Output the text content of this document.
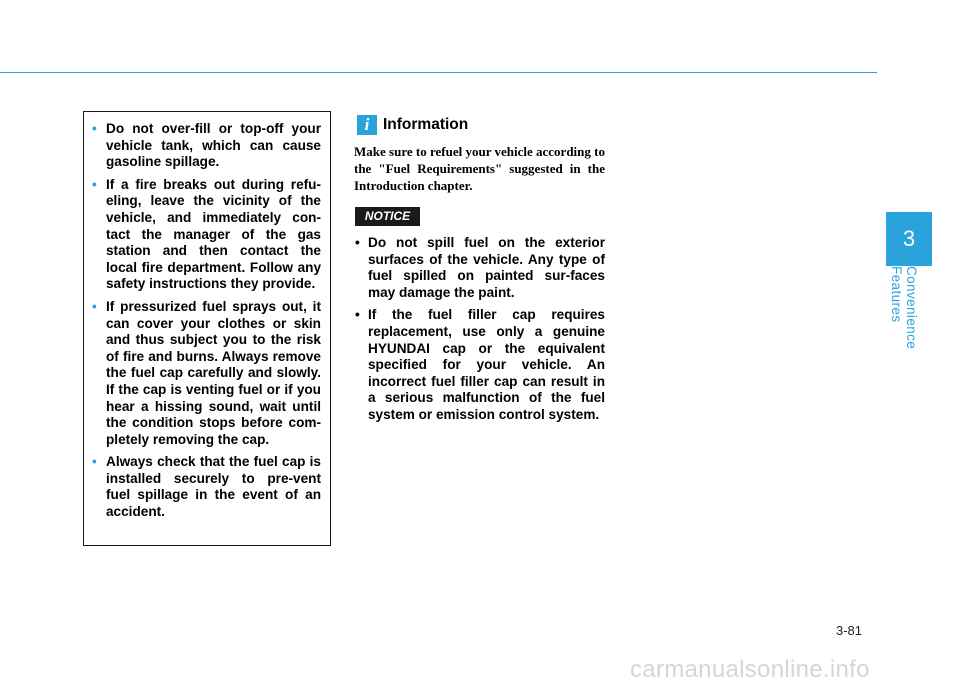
• Do not over-fill or top-off your vehicle tank, which can cause gasoline spillage.
• If a fire breaks out during refu-eling, leave the vicinity of the vehicle, and immediately con-tact the manager of the gas station and then contact the local fire department. Follow any safety instructions they provide.
• If pressurized fuel sprays out, it can cover your clothes or skin and thus subject you to the risk of fire and burns. Always remove the fuel cap carefully and slowly. If the cap is venting fuel or if you hear a hissing sound, wait until the condition stops before com-pletely removing the cap.
• Always check that the fuel cap is installed securely to pre-vent fuel spillage in the event of an accident.
i Information

Make sure to refuel your vehicle according to the "Fuel Requirements" suggested in the Introduction chapter.

NOTICE
• Do not spill fuel on the exterior surfaces of the vehicle. Any type of fuel spilled on painted sur-faces may damage the paint.
• If the fuel filler cap requires replacement, use only a genuine HYUNDAI cap or the equivalent specified for your vehicle. An incorrect fuel filler cap can result in a serious malfunction of the fuel system or emission control system.
3
Convenience Features
3-81
carmanualsonline.info
